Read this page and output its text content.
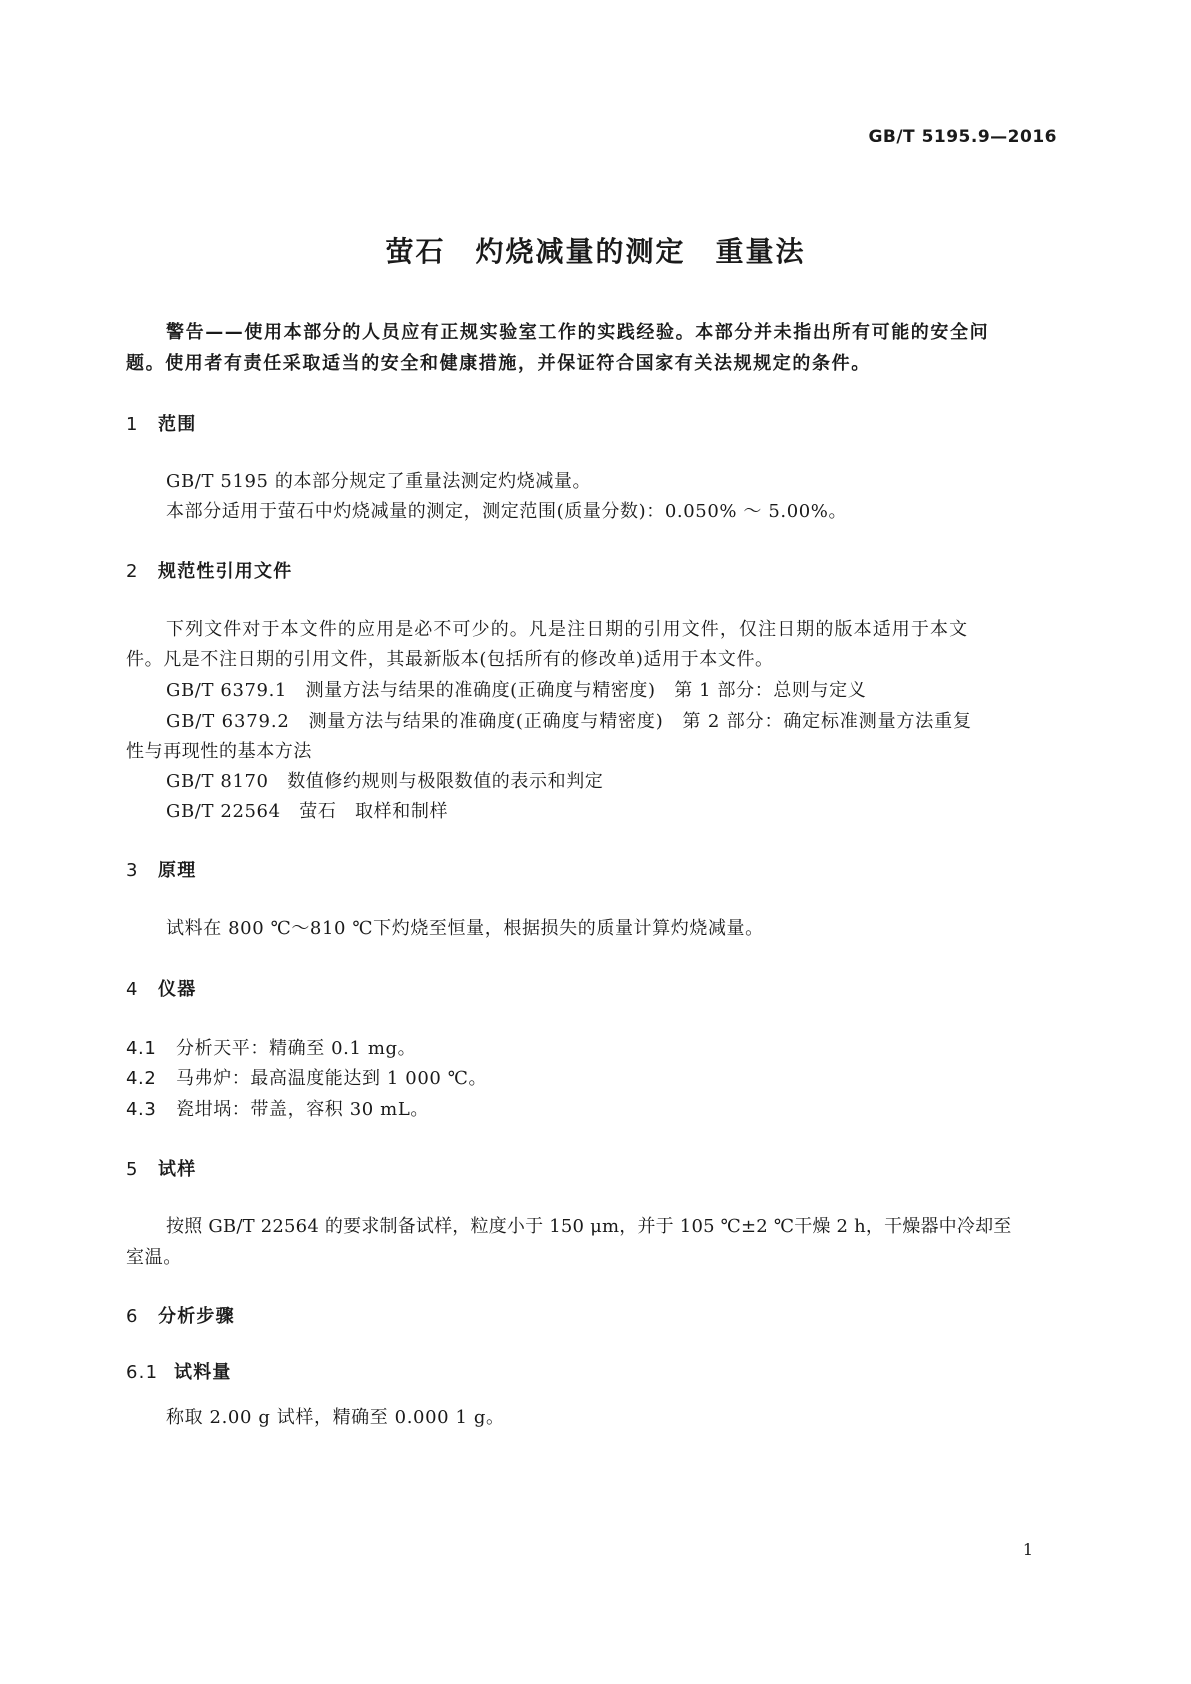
GB/T 5195.9—2016
萤石　灼烧减量的测定　重量法
警告——使用本部分的人员应有正规实验室工作的实践经验。本部分并未指出所有可能的安全问
题。使用者有责任采取适当的安全和健康措施，并保证符合国家有关法规规定的条件。
1 范围
GB/T 5195 的本部分规定了重量法测定灼烧减量。
本部分适用于萤石中灼烧减量的测定，测定范围(质量分数)：0.050% ～ 5.00%。
2 规范性引用文件
下列文件对于本文件的应用是必不可少的。凡是注日期的引用文件，仅注日期的版本适用于本文
件。凡是不注日期的引用文件，其最新版本(包括所有的修改单)适用于本文件。
GB/T 6379.1　测量方法与结果的准确度(正确度与精密度)　第 1 部分：总则与定义
GB/T 6379.2　测量方法与结果的准确度(正确度与精密度)　第 2 部分：确定标准测量方法重复
性与再现性的基本方法
GB/T 8170　数值修约规则与极限数值的表示和判定
GB/T 22564　萤石　取样和制样
3 原理
试料在 800 ℃～810 ℃下灼烧至恒量，根据损失的质量计算灼烧减量。
4 仪器
4.1 分析天平：精确至 0.1 mg。
4.2 马弗炉：最高温度能达到 1 000 ℃。
4.3 瓷坩埚：带盖，容积 30 mL。
5 试样
按照 GB/T 22564 的要求制备试样，粒度小于 150 μm，并于 105 ℃±2 ℃干燥 2 h，干燥器中冷却至
室温。
6 分析步骤
6.1 试料量
称取 2.00 g 试样，精确至 0.000 1 g。
1
